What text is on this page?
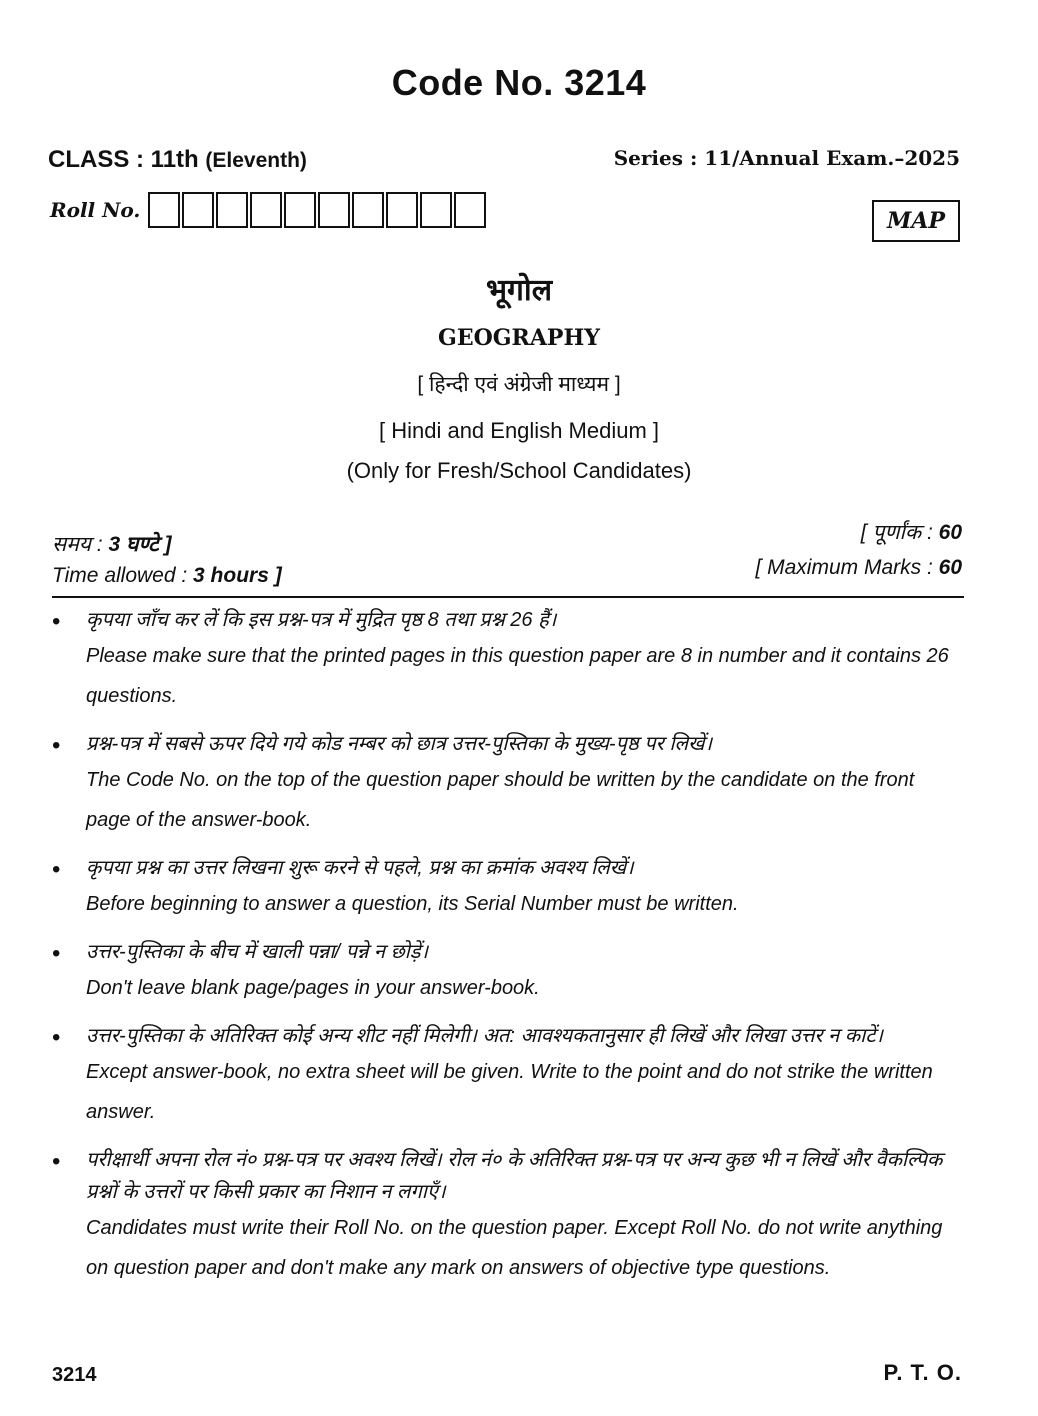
Code No. 3214
CLASS : 11th (Eleventh)	Series : 11/Annual Exam.–2025
Roll No.	MAP
भूगोल
GEOGRAPHY
[ हिन्दी एवं अंग्रेजी माध्यम ]
[ Hindi and English Medium ]
(Only for Fresh/School Candidates)
समय : 3 घण्टे ]
Time allowed : 3 hours ]
[ पूर्णांक : 60
[ Maximum Marks : 60
• कृपया जाँच कर लें कि इस प्रश्न-पत्र में मुद्रित पृष्ठ 8 तथा प्रश्न 26 हैं।
Please make sure that the printed pages in this question paper are 8 in number and it contains 26 questions.
• प्रश्न-पत्र में सबसे ऊपर दिये गये कोड नम्बर को छात्र उत्तर-पुस्तिका के मुख्य-पृष्ठ पर लिखें।
The Code No. on the top of the question paper should be written by the candidate on the front page of the answer-book.
• कृपया प्रश्न का उत्तर लिखना शुरू करने से पहले, प्रश्न का क्रमांक अवश्य लिखें।
Before beginning to answer a question, its Serial Number must be written.
• उत्तर-पुस्तिका के बीच में खाली पन्ना/ पन्ने न छोड़ें।
Don't leave blank page/pages in your answer-book.
• उत्तर-पुस्तिका के अतिरिक्त कोई अन्य शीट नहीं मिलेगी। अत: आवश्यकतानुसार ही लिखें और लिखा उत्तर न काटें।
Except answer-book, no extra sheet will be given. Write to the point and do not strike the written answer.
• परीक्षार्थी अपना रोल नं० प्रश्न-पत्र पर अवश्य लिखें। रोल नं० के अतिरिक्त प्रश्न-पत्र पर अन्य कुछ भी न लिखें और वैकल्पिक प्रश्नों के उत्तरों पर किसी प्रकार का निशान न लगाएँ।
Candidates must write their Roll No. on the question paper. Except Roll No. do not write anything on question paper and don't make any mark on answers of objective type questions.
3214	P. T. O.
